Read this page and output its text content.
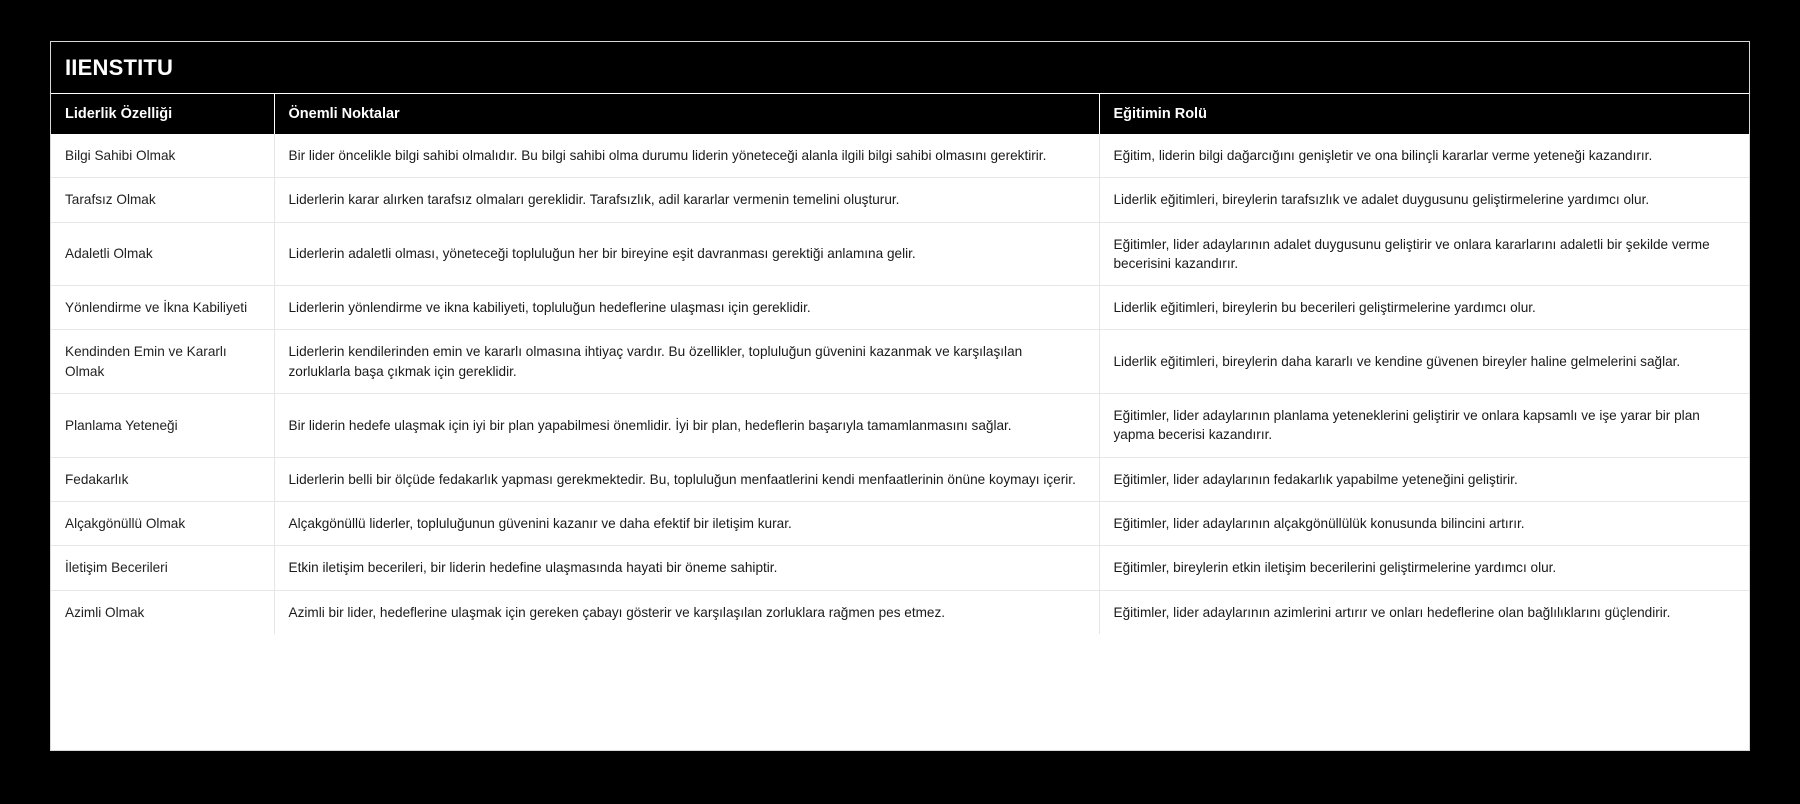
IIENSTITU
Liderlik Özelliği	Önemli Noktalar	Eğitimin Rolü
Bilgi Sahibi Olmak	Bir lider öncelikle bilgi sahibi olmalıdır. Bu bilgi sahibi olma durumu liderin yöneteceği alanla ilgili bilgi sahibi olmasını gerektirir.	Eğitim, liderin bilgi dağarcığını genişletir ve ona bilinçli kararlar verme yeteneği kazandırır.
Tarafsız Olmak	Liderlerin karar alırken tarafsız olmaları gereklidir. Tarafsızlık, adil kararlar vermenin temelini oluşturur.	Liderlik eğitimleri, bireylerin tarafsızlık ve adalet duygusunu geliştirmelerine yardımcı olur.
Adaletli Olmak	Liderlerin adaletli olması, yöneteceği topluluğun her bir bireyine eşit davranması gerektiği anlamına gelir.	Eğitimler, lider adaylarının adalet duygusunu geliştirir ve onlara kararlarını adaletli bir şekilde verme becerisini kazandırır.
Yönlendirme ve İkna Kabiliyeti	Liderlerin yönlendirme ve ikna kabiliyeti, topluluğun hedeflerine ulaşması için gereklidir.	Liderlik eğitimleri, bireylerin bu becerileri geliştirmelerine yardımcı olur.
Kendinden Emin ve Kararlı Olmak	Liderlerin kendilerinden emin ve kararlı olmasına ihtiyaç vardır. Bu özellikler, topluluğun güvenini kazanmak ve karşılaşılan zorluklarla başa çıkmak için gereklidir.	Liderlik eğitimleri, bireylerin daha kararlı ve kendine güvenen bireyler haline gelmelerini sağlar.
Planlama Yeteneği	Bir liderin hedefe ulaşmak için iyi bir plan yapabilmesi önemlidir. İyi bir plan, hedeflerin başarıyla tamamlanmasını sağlar.	Eğitimler, lider adaylarının planlama yeteneklerini geliştirir ve onlara kapsamlı ve işe yarar bir plan yapma becerisi kazandırır.
Fedakarlık	Liderlerin belli bir ölçüde fedakarlık yapması gerekmektedir. Bu, topluluğun menfaatlerini kendi menfaatlerinin önüne koymayı içerir.	Eğitimler, lider adaylarının fedakarlık yapabilme yeteneğini geliştirir.
Alçakgönüllü Olmak	Alçakgönüllü liderler, topluluğunun güvenini kazanır ve daha efektif bir iletişim kurar.	Eğitimler, lider adaylarının alçakgönüllülük konusunda bilincini artırır.
İletişim Becerileri	Etkin iletişim becerileri, bir liderin hedefine ulaşmasında hayati bir öneme sahiptir.	Eğitimler, bireylerin etkin iletişim becerilerini geliştirmelerine yardımcı olur.
Azimli Olmak	Azimli bir lider, hedeflerine ulaşmak için gereken çabayı gösterir ve karşılaşılan zorluklara rağmen pes etmez.	Eğitimler, lider adaylarının azimlerini artırır ve onları hedeflerine olan bağlılıklarını güçlendirir.
